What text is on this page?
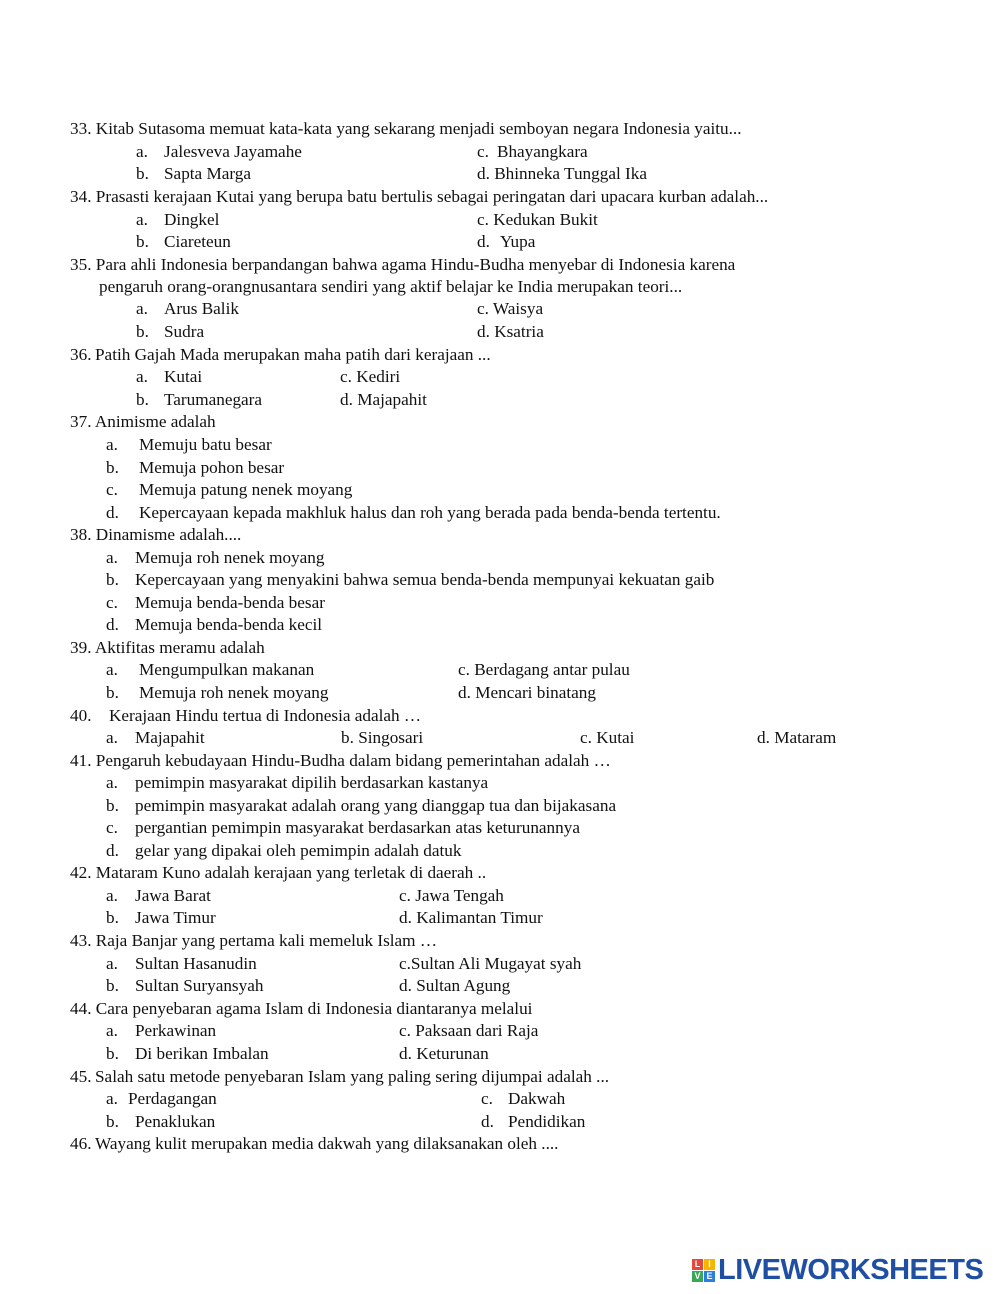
33. Kitab Sutasoma memuat kata-kata yang sekarang menjadi semboyan negara Indonesia yaitu...
a. Jalesveva Jayamahe	c. Bhayangkara
b. Sapta Marga	d. Bhinneka Tunggal Ika
34. Prasasti kerajaan Kutai yang berupa batu bertulis sebagai peringatan dari upacara kurban adalah...
a. Dingkel	c. Kedukan Bukit
b. Ciareteun	d. Yupa
35. Para ahli Indonesia berpandangan bahwa agama Hindu-Budha menyebar di Indonesia karena
pengaruh orang-orangnusantara sendiri yang aktif belajar ke India merupakan teori...
a. Arus Balik	c. Waisya
b. Sudra	d. Ksatria
36. Patih Gajah Mada merupakan maha patih dari kerajaan ...
a. Kutai	c. Kediri
b. Tarumanegara	d. Majapahit
37. Animisme adalah
a. Memuju batu besar
b. Memuja pohon besar
c. Memuja patung nenek moyang
d. Kepercayaan kepada makhluk halus dan roh yang berada pada benda-benda tertentu.
38. Dinamisme adalah....
a. Memuja roh nenek moyang
b. Kepercayaan yang menyakini bahwa semua benda-benda mempunyai kekuatan gaib
c. Memuja benda-benda besar
d. Memuja benda-benda kecil
39. Aktifitas meramu adalah
a. Mengumpulkan makanan	c. Berdagang antar pulau
b. Memuja roh nenek moyang	d. Mencari binatang
40. Kerajaan Hindu tertua di Indonesia adalah …
a. Majapahit	b. Singosari	c. Kutai	d. Mataram
41. Pengaruh kebudayaan Hindu-Budha dalam bidang pemerintahan adalah …
a. pemimpin masyarakat dipilih berdasarkan kastanya
b. pemimpin masyarakat adalah orang yang dianggap tua dan bijakasana
c. pergantian pemimpin masyarakat berdasarkan atas keturunannya
d. gelar yang dipakai oleh pemimpin adalah datuk
42. Mataram Kuno adalah kerajaan yang terletak di daerah ..
a. Jawa Barat	c. Jawa Tengah
b. Jawa Timur	d. Kalimantan Timur
43. Raja Banjar yang pertama kali memeluk Islam …
a. Sultan Hasanudin	c.Sultan Ali Mugayat syah
b. Sultan Suryansyah	d. Sultan Agung
44. Cara penyebaran agama Islam di Indonesia diantaranya melalui
a. Perkawinan	c. Paksaan dari Raja
b. Di berikan Imbalan	d. Keturunan
45. Salah satu metode penyebaran Islam yang paling sering dijumpai adalah ...
a. Perdagangan	c. Dakwah
b. Penaklukan	d. Pendidikan
46. Wayang kulit merupakan media dakwah yang dilaksanakan oleh ....
L I
V E LIVEWORKSHEETS
